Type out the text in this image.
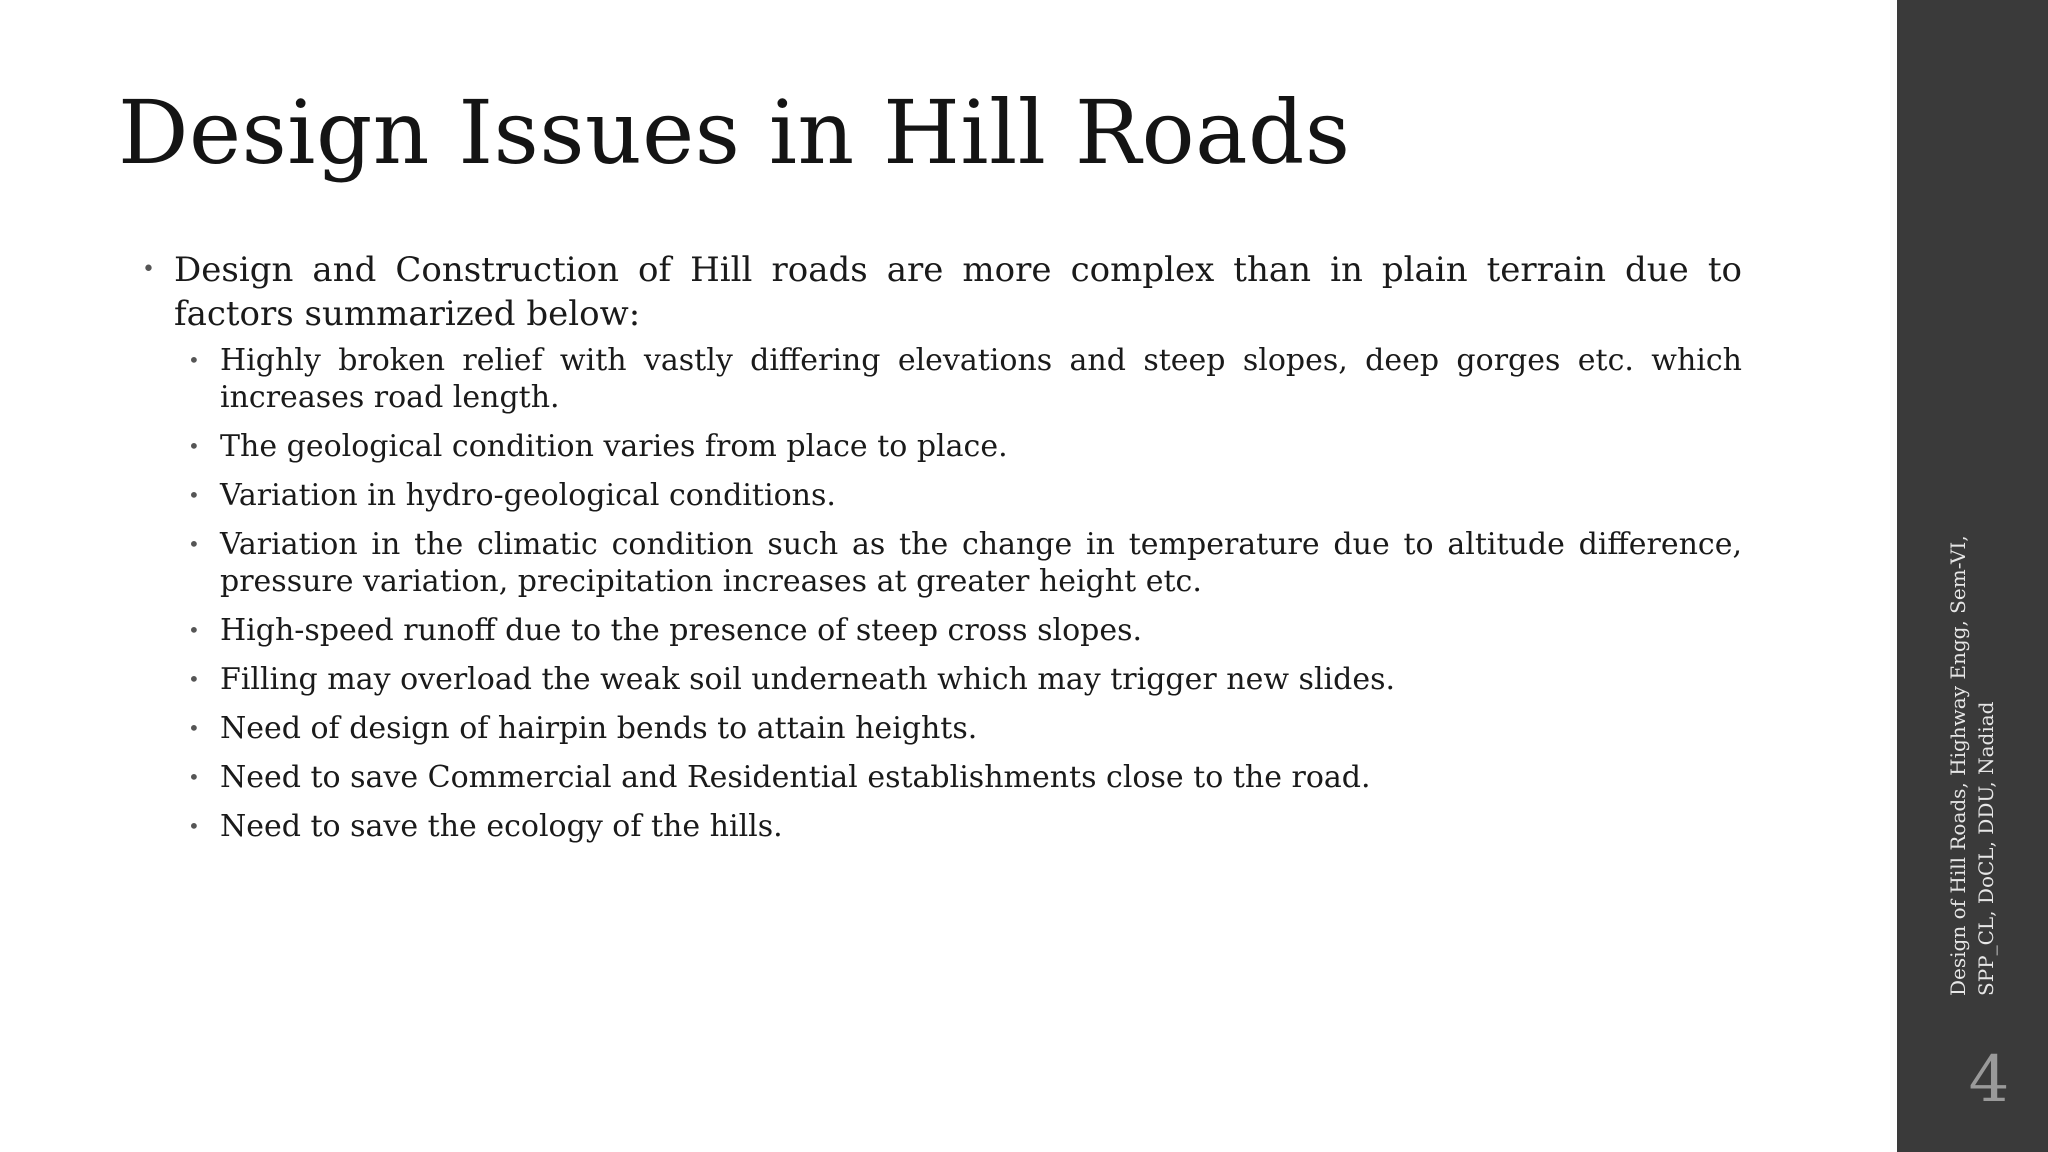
Design Issues in Hill Roads
• Design and Construction of Hill roads are more complex than in plain terrain due to factors summarized below:
• Highly broken relief with vastly differing elevations and steep slopes, deep gorges etc. which increases road length.
• The geological condition varies from place to place.
• Variation in hydro-geological conditions.
• Variation in the climatic condition such as the change in temperature due to altitude difference, pressure variation, precipitation increases at greater height etc.
• High-speed runoff due to the presence of steep cross slopes.
• Filling may overload the weak soil underneath which may trigger new slides.
• Need of design of hairpin bends to attain heights.
• Need to save Commercial and Residential establishments close to the road.
• Need to save the ecology of the hills.	Design of Hill Roads, Highway Engg, Sem-VI, SPP_CL, DoCL, DDU, Nadiad
4
